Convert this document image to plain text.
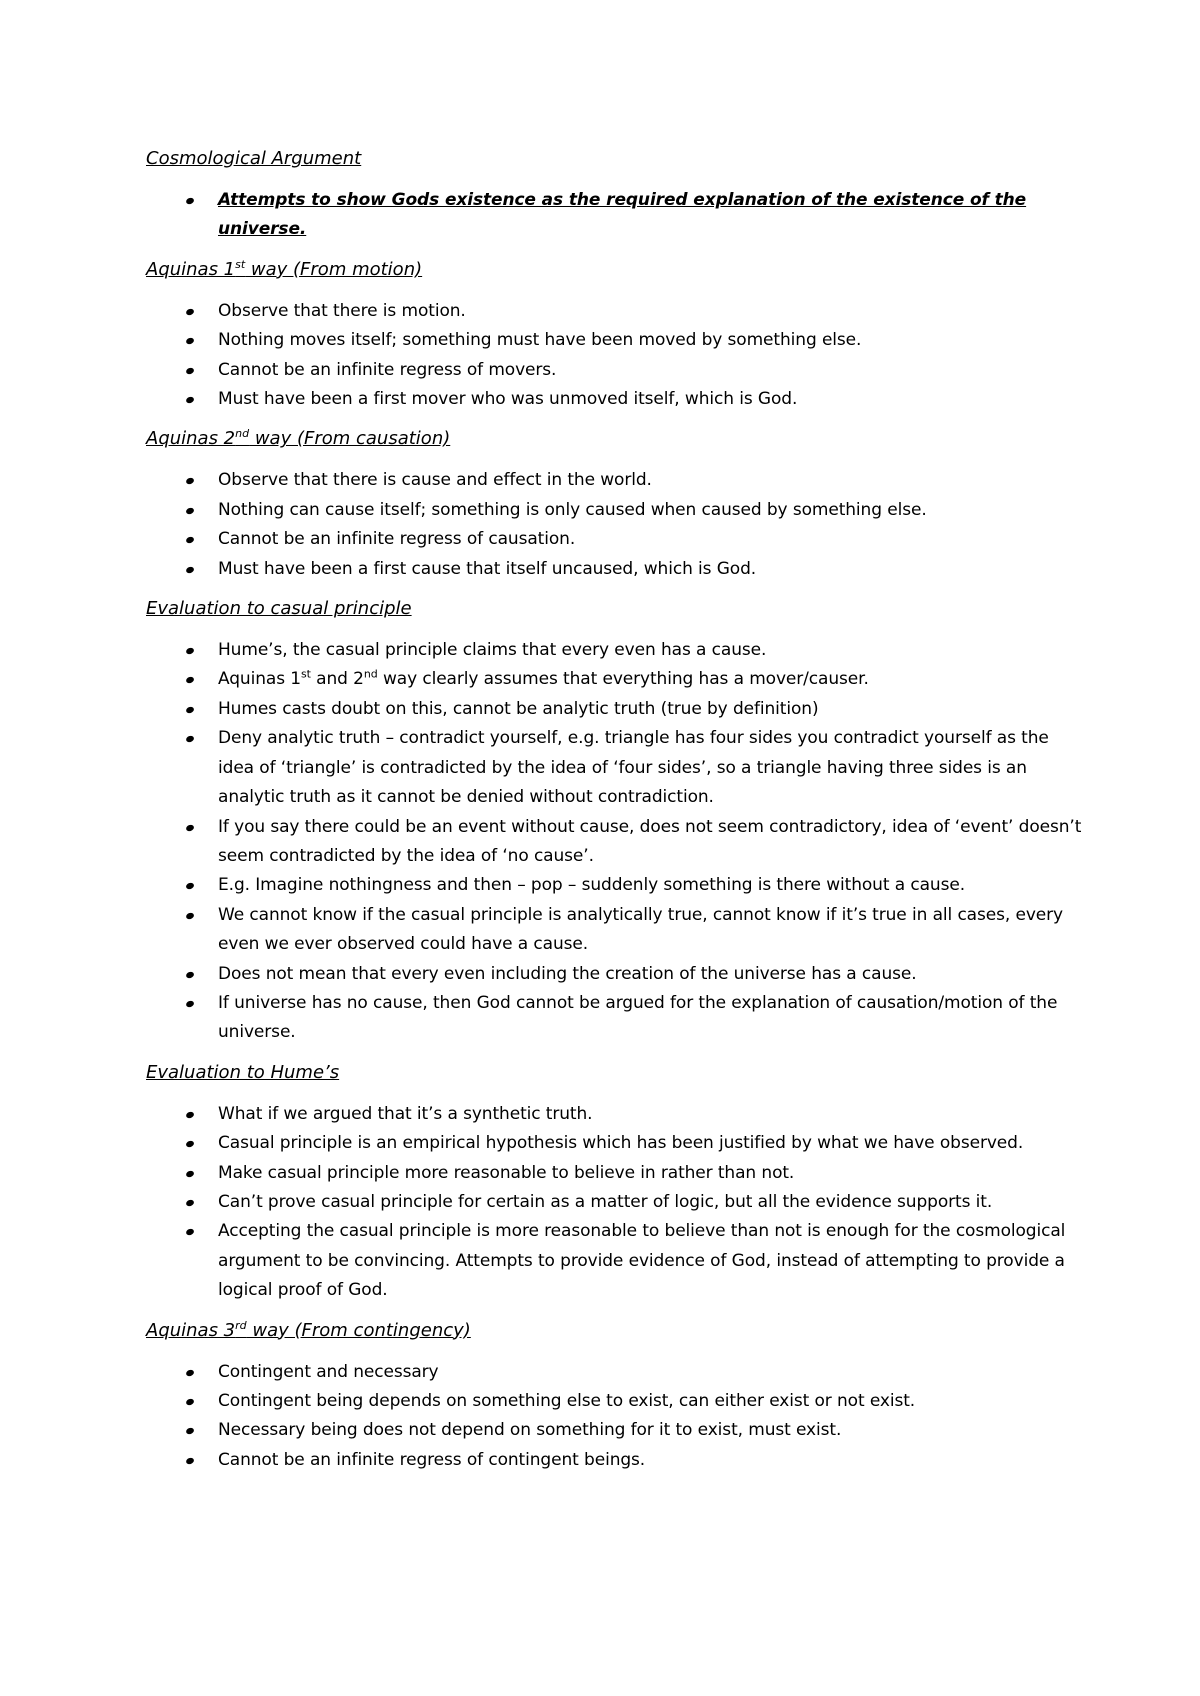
Cosmological Argument

Attempts to show Gods existence as the required explanation of the existence of the universe.

Aquinas 1st way (From motion)

Observe that there is motion.
Nothing moves itself; something must have been moved by something else.
Cannot be an infinite regress of movers.
Must have been a first mover who was unmoved itself, which is God.

Aquinas 2nd way (From causation)

Observe that there is cause and effect in the world.
Nothing can cause itself; something is only caused when caused by something else.
Cannot be an infinite regress of causation.
Must have been a first cause that itself uncaused, which is God.

Evaluation to casual principle

Hume’s, the casual principle claims that every even has a cause.
Aquinas 1st and 2nd way clearly assumes that everything has a mover/causer.
Humes casts doubt on this, cannot be analytic truth (true by definition)
Deny analytic truth – contradict yourself, e.g. triangle has four sides you contradict yourself as the idea of ‘triangle’ is contradicted by the idea of ‘four sides’, so a triangle having three sides is an analytic truth as it cannot be denied without contradiction.
If you say there could be an event without cause, does not seem contradictory, idea of ‘event’ doesn’t seem contradicted by the idea of ‘no cause’.
E.g. Imagine nothingness and then – pop – suddenly something is there without a cause.
We cannot know if the casual principle is analytically true, cannot know if it’s true in all cases, every even we ever observed could have a cause.
Does not mean that every even including the creation of the universe has a cause.
If universe has no cause, then God cannot be argued for the explanation of causation/motion of the universe.

Evaluation to Hume’s

What if we argued that it’s a synthetic truth.
Casual principle is an empirical hypothesis which has been justified by what we have observed.
Make casual principle more reasonable to believe in rather than not.
Can’t prove casual principle for certain as a matter of logic, but all the evidence supports it.
Accepting the casual principle is more reasonable to believe than not is enough for the cosmological argument to be convincing. Attempts to provide evidence of God, instead of attempting to provide a logical proof of God.

Aquinas 3rd way (From contingency)

Contingent and necessary
Contingent being depends on something else to exist, can either exist or not exist.
Necessary being does not depend on something for it to exist, must exist.
Cannot be an infinite regress of contingent beings.
